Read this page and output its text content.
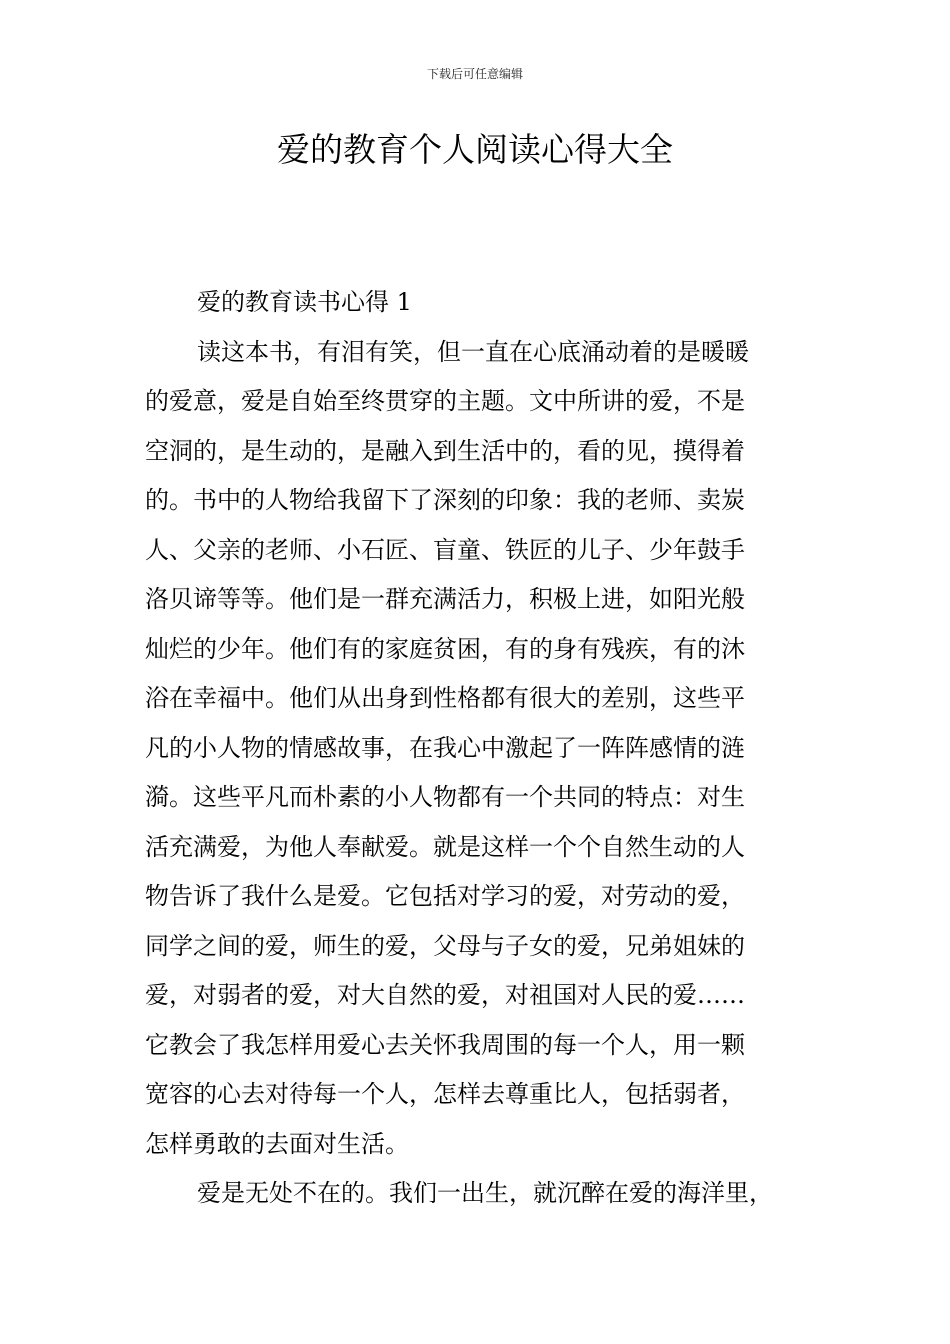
下载后可任意编辑
爱的教育个人阅读心得大全
爱的教育读书心得 1

读这本书，有泪有笑，但一直在心底涌动着的是暖暖
的爱意，爱是自始至终贯穿的主题。文中所讲的爱，不是
空洞的，是生动的，是融入到生活中的，看的见，摸得着
的。书中的人物给我留下了深刻的印象：我的老师、卖炭
人、父亲的老师、小石匠、盲童、铁匠的儿子、少年鼓手
洛贝谛等等。他们是一群充满活力，积极上进，如阳光般
灿烂的少年。他们有的家庭贫困，有的身有残疾，有的沐
浴在幸福中。他们从出身到性格都有很大的差别，这些平
凡的小人物的情感故事，在我心中激起了一阵阵感情的涟
漪。这些平凡而朴素的小人物都有一个共同的特点：对生
活充满爱，为他人奉献爱。就是这样一个个自然生动的人
物告诉了我什么是爱。它包括对学习的爱，对劳动的爱，
同学之间的爱，师生的爱，父母与子女的爱，兄弟姐妹的
爱，对弱者的爱，对大自然的爱，对祖国对人民的爱……
它教会了我怎样用爱心去关怀我周围的每一个人，用一颗
宽容的心去对待每一个人，怎样去尊重比人，包括弱者，
怎样勇敢的去面对生活。

爱是无处不在的。我们一出生，就沉醉在爱的海洋里，
